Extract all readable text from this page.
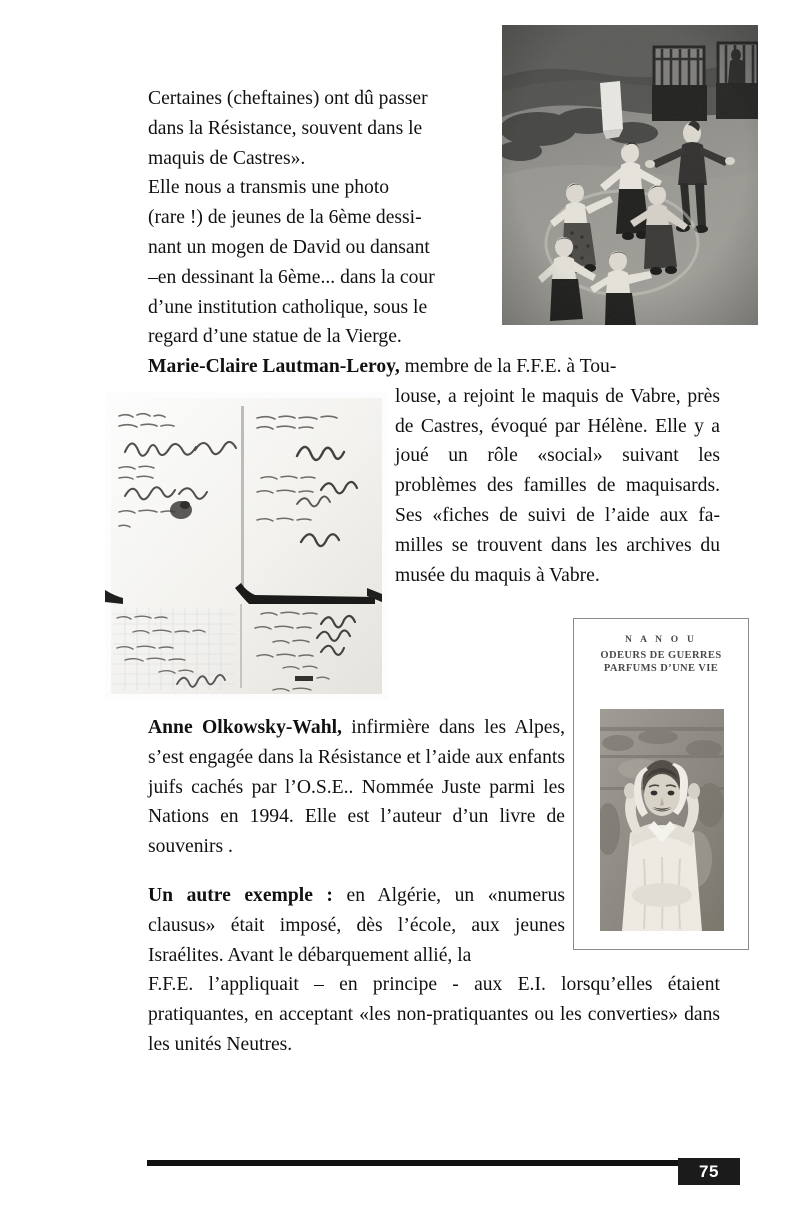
N A N O U
ODEURS DE GUERRES
PARFUMS D’UNE VIE

Certaines (cheftaines) ont dû passer
dans la Résistance, souvent dans le
maquis de Castres».
Elle nous a transmis une photo
(rare !) de jeunes de la 6ème dessi-
nant un mogen de David ou dansant
–en dessinant la 6ème... dans la cour
d’une institution catholique, sous le
regard d’une statue de la Vierge.

Marie-Claire Lautman-Leroy, membre de la F.F.E. à Tou-

louse, a rejoint le maquis de Vabre, près de Castres, évoqué par Hélène. Elle y a joué un rôle «social» suivant les problèmes des familles de maquisards. Ses «fiches de suivi de l’aide aux familles se trouvent dans les archives du musée du maquis à Vabre.

Anne Olkowsky-Wahl, infirmière dans les Alpes, s’est engagée dans la Résistance et l’aide aux enfants juifs cachés par l’O.S.E.. Nommée Juste parmi les Nations en 1994. Elle est l’auteur d’un livre de souvenirs .

Un autre exemple : en Algérie, un «numerus clausus» était imposé, dès l’école, aux jeunes Israélites. Avant le débarquement allié, la

F.F.E. l’appliquait – en principe - aux E.I. lorsqu’elles étaient pratiquantes, en acceptant «les non-pratiquantes ou les converties» dans les unités Neutres.

75
